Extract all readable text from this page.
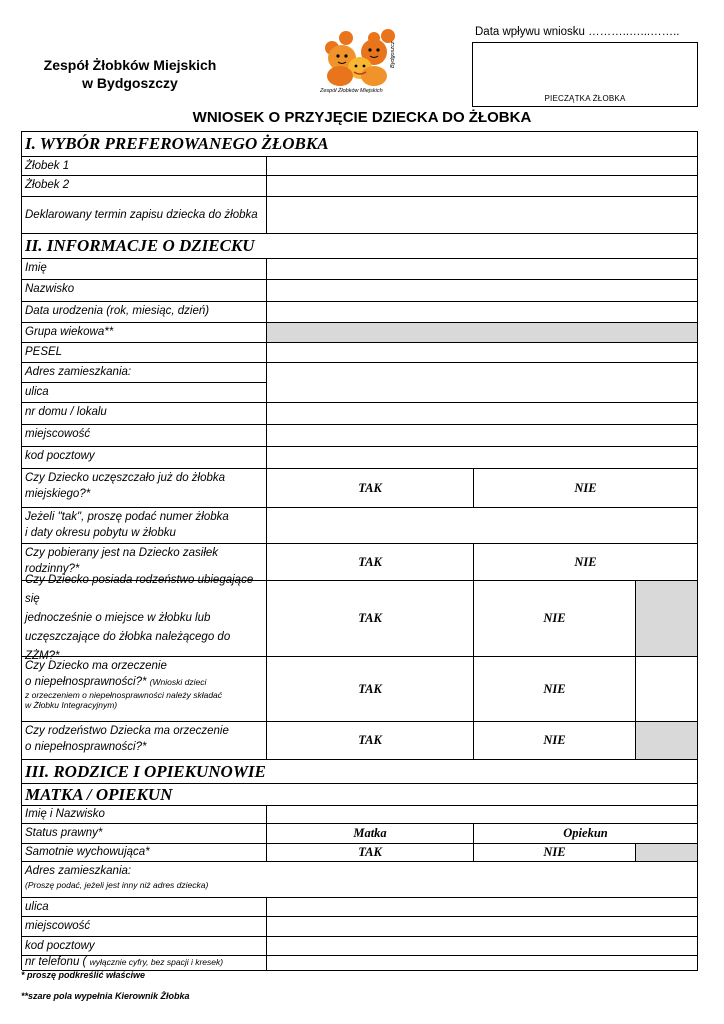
Zespół Żłobków Miejskich
w Bydgoszczy	Zespół Żłobków Miejskich
Bydgoszcz
Data wpływu wniosku ………..…...……..
PIECZĄTKA ŻŁOBKA
WNIOSEK O PRZYJĘCIE DZIECKA DO ŻŁOBKA
I. WYBÓR PREFEROWANEGO ŻŁOBKA
Żłobek 1
Żłobek 2
Deklarowany termin zapisu dziecka do żłobka
II. INFORMACJE O DZIECKU
Imię
Nazwisko
Data urodzenia (rok, miesiąc, dzień)
Grupa wiekowa**
PESEL
Adres zamieszkania:
ulica
nr domu / lokalu
miejscowość
kod pocztowy
Czy Dziecko uczęszczało już do żłobka
miejskiego?*	TAK	NIE
Jeżeli "tak", proszę podać numer żłobka
i daty okresu pobytu w żłobku
Czy pobierany jest na Dziecko zasiłek
rodzinny?*
TAK	NIE
Czy Dziecko posiada rodzeństwo ubiegające się
jednocześnie o miejsce w żłobku lub
uczęszczające do żłobka należącego do ZŻM?*
TAK	NIE
Czy Dziecko ma orzeczenie
o niepełnosprawności?* (Wnioski dzieci
z orzeczeniem o niepełnosprawności należy składać
w Żłobku Integracyjnym)
TAK	NIE
Czy rodzeństwo Dziecka ma orzeczenie
o niepełnosprawności?*	TAK	NIE
III. RODZICE I OPIEKUNOWIE
MATKA / OPIEKUN
Imię i Nazwisko
Status prawny*	Matka	Opiekun
Samotnie wychowująca*	TAK	NIE
Adres zamieszkania:
(Proszę podać, jeżeli jest inny niż adres dziecka)
ulica
miejscowość
kod pocztowy
nr telefonu ( wyłącznie cyfry, bez spacji i kresek)
* proszę podkreślić właściwe
**szare pola wypełnia Kierownik Żłobka
